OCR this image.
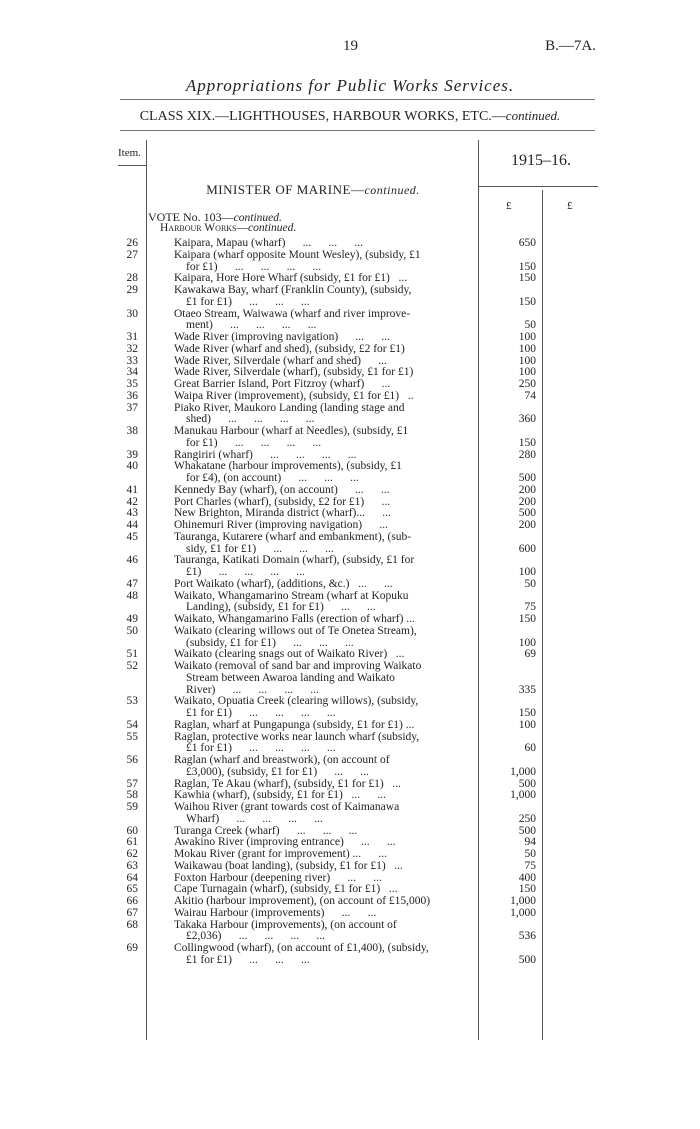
19	B.—7A.
Appropriations for Public Works Services.
CLASS XIX.—LIGHTHOUSES, HARBOUR WORKS, ETC.—continued.
Item.	1915–16.
£	£
MINISTER OF MARINE—continued.
VOTE No. 103—continued.
Harbour Works—continued.
26	Kaipara, Mapau (wharf)      ...      ...      ...	650
27	Kaipara (wharf opposite Mount Wesley), (subsidy, £1
for £1)      ...      ...      ...      ...	150
28	Kaipara, Hore Hore Wharf (subsidy, £1 for £1)   ...	150
29	Kawakawa Bay, wharf (Franklin County), (subsidy,
£1 for £1)      ...      ...      ...	150
30	Otaeo Stream, Waiwawa (wharf and river improve-
ment)      ...      ...      ...      ...	50
31	Wade River (improving navigation)      ...      ...	100
32	Wade River (wharf and shed), (subsidy, £2 for £1)	100
33	Wade River, Silverdale (wharf and shed)      ...	100
34	Wade River, Silverdale (wharf), (subsidy, £1 for £1)	100
35	Great Barrier Island, Port Fitzroy (wharf)      ...	250
36	Waipa River (improvement), (subsidy, £1 for £1)   ..	74
37	Piako River, Maukoro Landing (landing stage and
shed)      ...      ...      ...      ...	360
38	Manukau Harbour (wharf at Needles), (subsidy, £1
for £1)      ...      ...      ...      ...	150
39	Rangiriri (wharf)      ...      ...      ...      ...	280
40	Whakatane (harbour improvements), (subsidy, £1
for £4), (on account)      ...      ...      ...	500
41	Kennedy Bay (wharf), (on account)      ...      ...	200
42	Port Charles (wharf), (subsidy, £2 for £1)      ...	200
43	New Brighton, Miranda district (wharf)...      ...	500
44	Ohinemuri River (improving navigation)      ...	200
45	Tauranga, Kutarere (wharf and embankment), (sub-
sidy, £1 for £1)      ...      ...      ...	600
46	Tauranga, Katikati Domain (wharf), (subsidy, £1 for
£1)      ...      ...      ...      ...	100
47	Port Waikato (wharf), (additions, &c.)   ...      ...	50
48	Waikato, Whangamarino Stream (wharf at Kopuku
Landing), (subsidy, £1 for £1)      ...      ...	75
49	Waikato, Whangamarino Falls (erection of wharf) ...	150
50	Waikato (clearing willows out of Te Onetea Stream),
(subsidy, £1 for £1)      ...      ...      ...	100
51	Waikato (clearing snags out of Waikato River)   ...	69
52	Waikato (removal of sand bar and improving Waikato
Stream between Awaroa landing and Waikato
River)      ...      ...      ...      ...	335
53	Waikato, Opuatia Creek (clearing willows), (subsidy,
£1 for £1)      ...      ...      ...      ...	150
54	Raglan, wharf at Pungapunga (subsidy, £1 for £1) ...	100
55	Raglan, protective works near launch wharf (subsidy,
£1 for £1)      ...      ...      ...      ...	60
56	Raglan (wharf and breastwork), (on account of
£3,000), (subsidy, £1 for £1)      ...      ...	1,000
57	Raglan, Te Akau (wharf), (subsidy, £1 for £1)   ...	500
58	Kawhia (wharf), (subsidy, £1 for £1)   ...      ...	1,000
59	Waihou River (grant towards cost of Kaimanawa
Wharf)      ...      ...      ...      ...	250
60	Turanga Creek (wharf)      ...      ...      ...	500
61	Awakino River (improving entrance)      ...      ...	94
62	Mokau River (grant for improvement) ...      ...	50
63	Waikawau (boat landing), (subsidy, £1 for £1)   ...	75
64	Foxton Harbour (deepening river)      ...      ...	400
65	Cape Turnagain (wharf), (subsidy, £1 for £1)   ...	150
66	Akitio (harbour improvement), (on account of £15,000)	1,000
67	Wairau Harbour (improvements)      ...      ...	1,000
68	Takaka Harbour (improvements), (on account of
£2,036)      ...      ...      ...      ...	536
69	Collingwood (wharf), (on account of £1,400), (subsidy,
£1 for £1)      ...      ...      ...	500
